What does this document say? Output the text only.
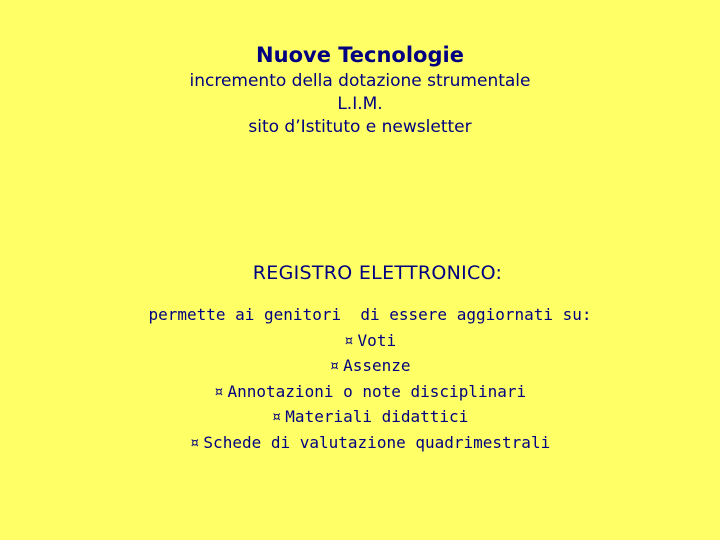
Nuove Tecnologie
incremento della dotazione strumentale
L.I.M.
sito d’Istituto e newsletter
REGISTRO ELETTRONICO:
permette ai genitori  di essere aggiornati su:
¤ Voti
¤ Assenze
¤ Annotazioni o note disciplinari
¤ Materiali didattici
¤ Schede di valutazione quadrimestrali
